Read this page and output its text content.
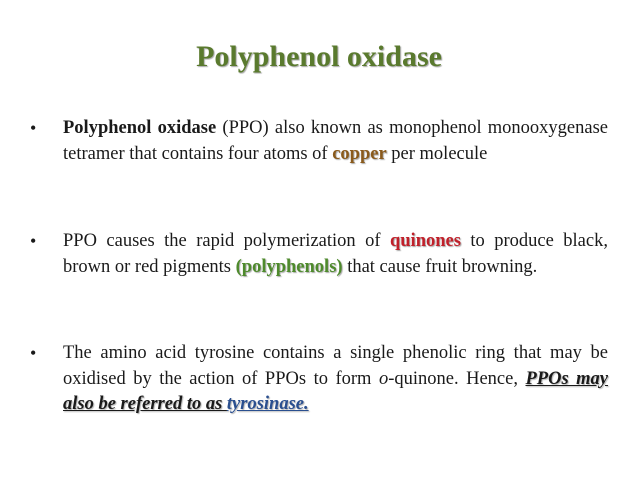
Polyphenol oxidase
• Polyphenol oxidase (PPO) also known as monophenol monooxygenase tetramer that contains four atoms of copper per molecule
• PPO causes the rapid polymerization of quinones to produce black, brown or red pigments (polyphenols) that cause fruit browning.
• The amino acid tyrosine contains a single phenolic ring that may be oxidised by the action of PPOs to form o-quinone. Hence, PPOs may also be referred to as tyrosinase.
